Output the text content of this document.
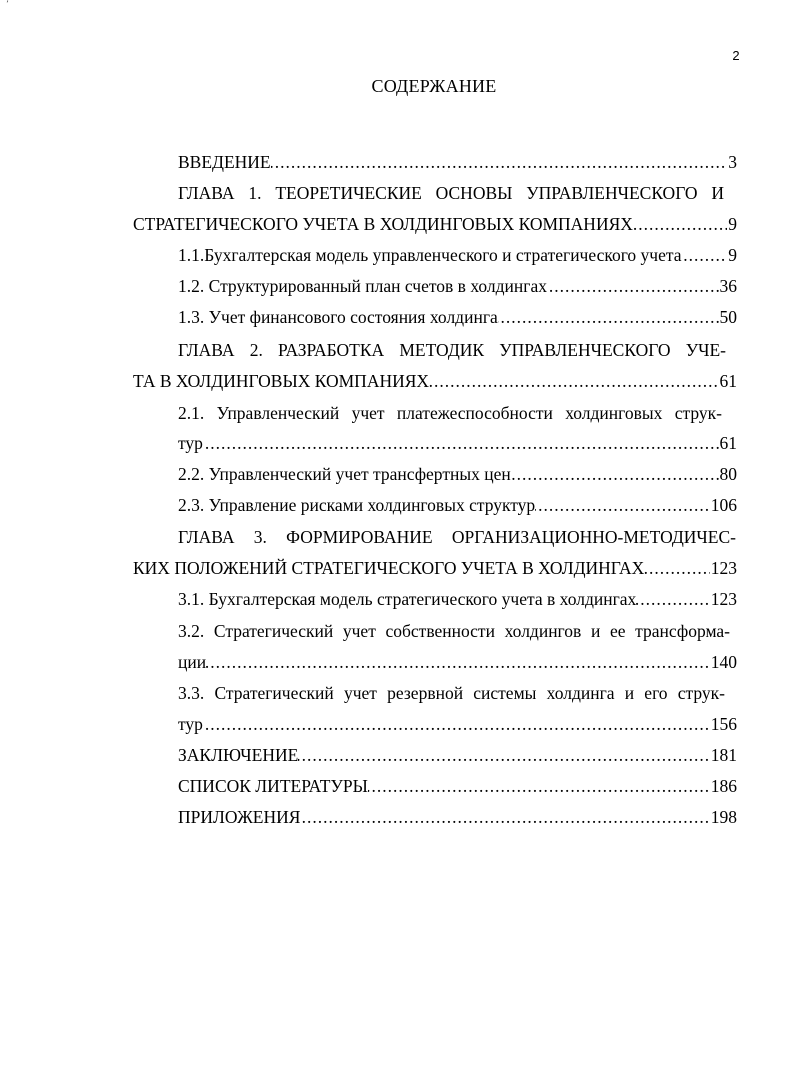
ʼ
2
СОДЕРЖАНИЕ
..... ВВЕДЕНИЕ	3
ГЛАВА 1. ТЕОРЕТИЧЕСКИЕ ОСНОВЫ УПРАВЛЕНЧЕСКОГО И
..... СТРАТЕГИЧЕСКОГО УЧЕТА В ХОЛДИНГОВЫХ КОМПАНИЯХ	9
..... 1.1.Бухгалтерская модель управленческого и стратегического учета	9
..... 1.2. Структурированный план счетов в холдингах	36
..... 1.3. Учет финансового состояния холдинга	50
ГЛАВА 2. РАЗРАБОТКА МЕТОДИК УПРАВЛЕНЧЕСКОГО УЧЕ-
..... ТА В ХОЛДИНГОВЫХ КОМПАНИЯХ	61
2.1. Управленческий учет платежеспособности холдинговых струк-
..... тур	61
..... 2.2. Управленческий учет трансфертных цен	80
..... 2.3. Управление рисками холдинговых структур	106
ГЛАВА 3. ФОРМИРОВАНИЕ ОРГАНИЗАЦИОННО-МЕТОДИЧЕС-
..... КИХ ПОЛОЖЕНИЙ СТРАТЕГИЧЕСКОГО УЧЕТА В ХОЛДИНГАХ	123
..... 3.1. Бухгалтерская модель стратегического учета в холдингах	123
3.2. Стратегический учет собственности холдингов и ее трансформа-
..... ции	140
3.3. Стратегический учет резервной системы холдинга и его струк-
..... тур	156
..... ЗАКЛЮЧЕНИЕ	181
..... СПИСОК ЛИТЕРАТУРЫ	186
..... ПРИЛОЖЕНИЯ	198
